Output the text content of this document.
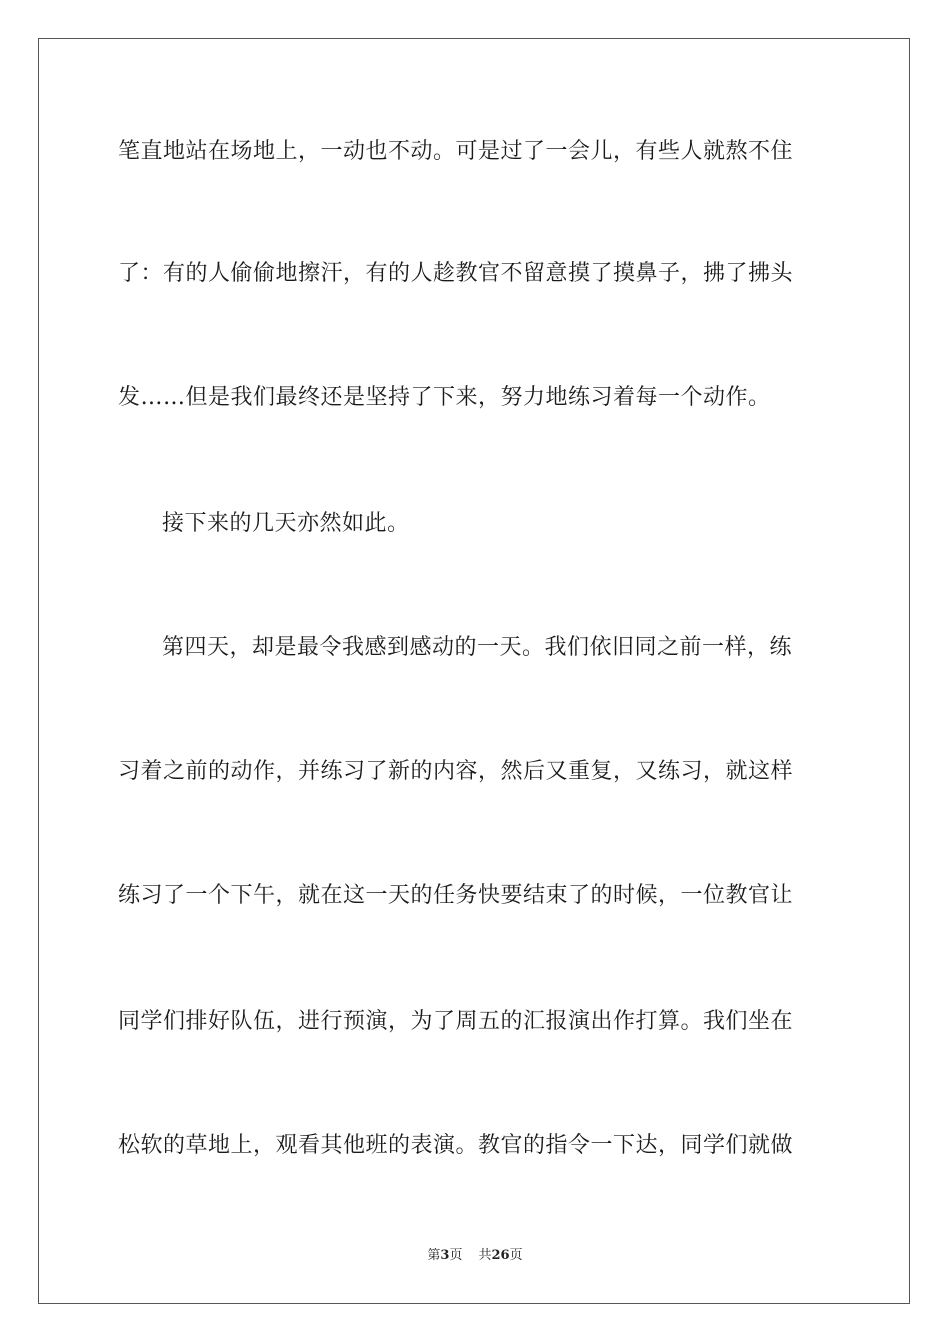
笔直地站在场地上，一动也不动。可是过了一会儿，有些人就熬不住
了：有的人偷偷地擦汗，有的人趁教官不留意摸了摸鼻子，拂了拂头
发……但是我们最终还是坚持了下来，努力地练习着每一个动作。
接下来的几天亦然如此。
第四天，却是最令我感到感动的一天。我们依旧同之前一样，练
习着之前的动作，并练习了新的内容，然后又重复，又练习，就这样
练习了一个下午，就在这一天的任务快要结束了的时候，一位教官让
同学们排好队伍，进行预演，为了周五的汇报演出作打算。我们坐在
松软的草地上，观看其他班的表演。教官的指令一下达，同学们就做
第3页 共26页
